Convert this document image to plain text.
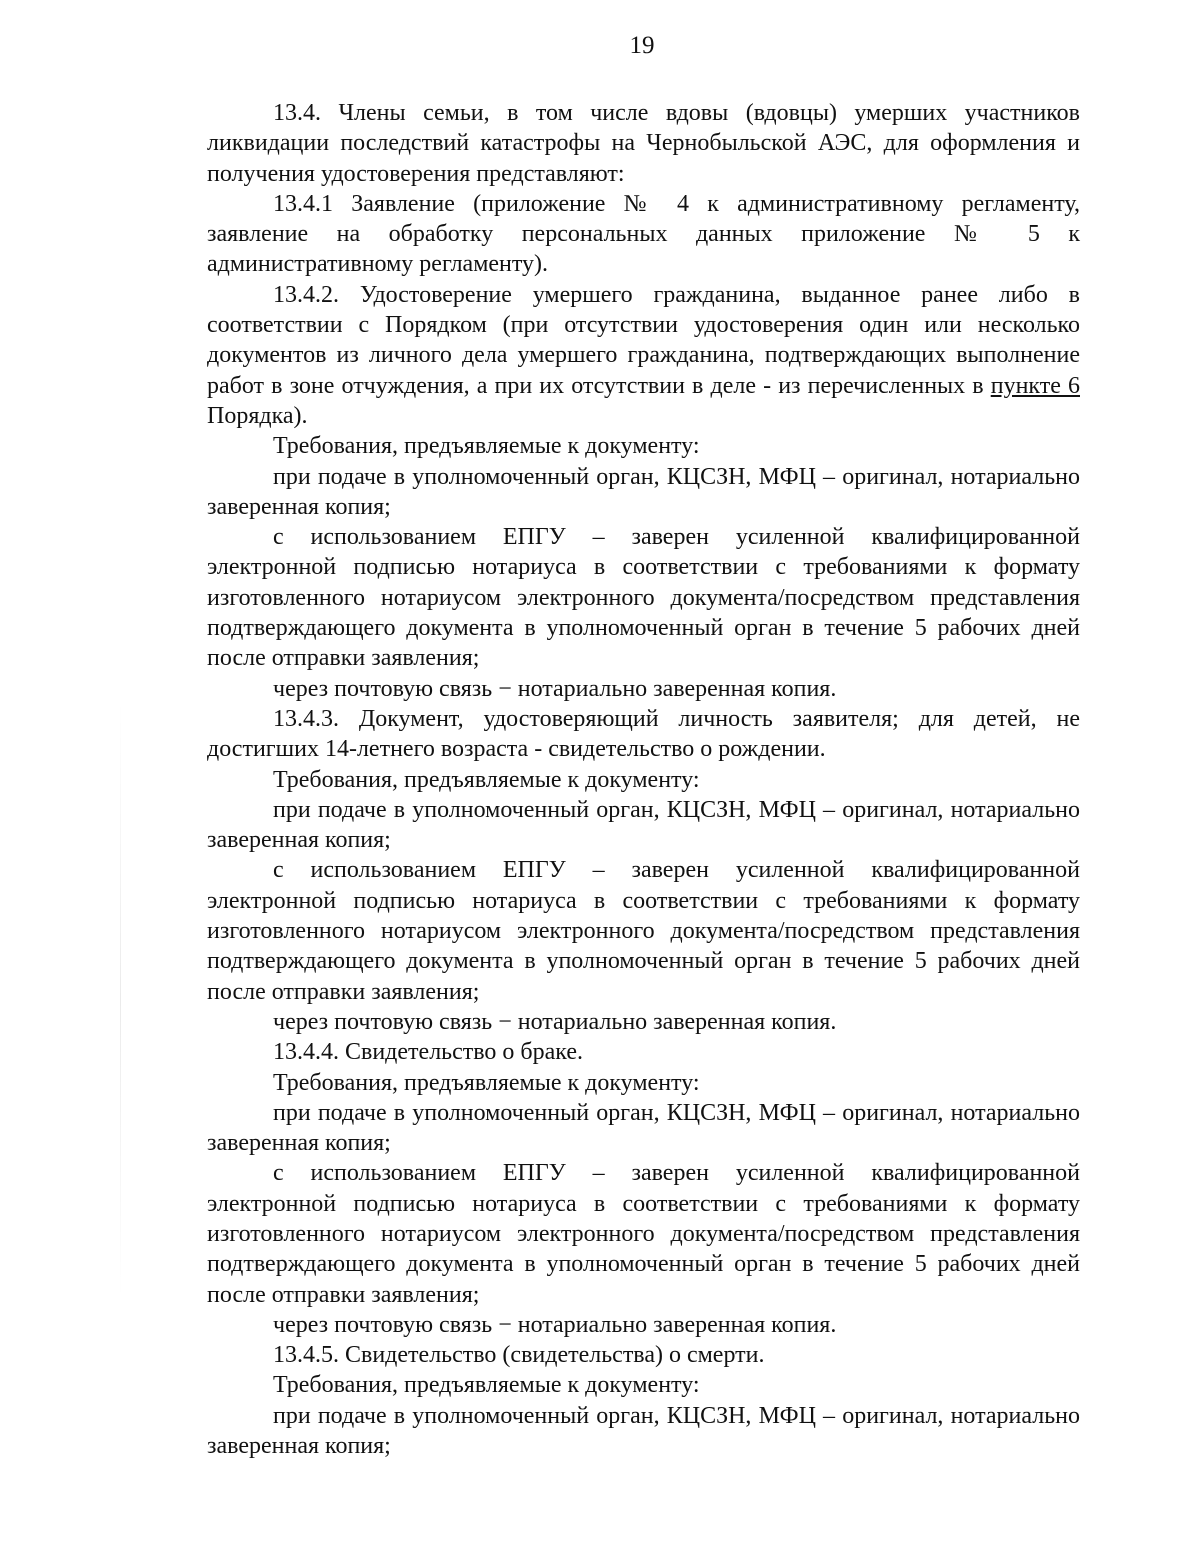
19

13.4. Члены семьи, в том числе вдовы (вдовцы) умерших участников ликвидации последствий катастрофы на Чернобыльской АЭС, для оформления и получения удостоверения представляют:

13.4.1 Заявление (приложение № 4 к административному регламенту, заявление на обработку персональных данных приложение № 5 к административному регламенту).

13.4.2. Удостоверение умершего гражданина, выданное ранее либо в соответствии с Порядком (при отсутствии удостоверения один или несколько документов из личного дела умершего гражданина, подтверждающих выполнение работ в зоне отчуждения, а при их отсутствии в деле - из перечисленных в пункте 6 Порядка).

Требования, предъявляемые к документу:

при подаче в уполномоченный орган, КЦСЗН, МФЦ – оригинал, нотариально заверенная копия;

с использованием ЕПГУ – заверен усиленной квалифицированной электронной подписью нотариуса в соответствии с требованиями к формату изготовленного нотариусом электронного документа/посредством представления подтверждающего документа в уполномоченный орган в течение 5 рабочих дней после отправки заявления;

через почтовую связь − нотариально заверенная копия.

13.4.3. Документ, удостоверяющий личность заявителя; для детей, не достигших 14-летнего возраста - свидетельство о рождении.

Требования, предъявляемые к документу:

при подаче в уполномоченный орган, КЦСЗН, МФЦ – оригинал, нотариально заверенная копия;

с использованием ЕПГУ – заверен усиленной квалифицированной электронной подписью нотариуса в соответствии с требованиями к формату изготовленного нотариусом электронного документа/посредством представления подтверждающего документа в уполномоченный орган в течение 5 рабочих дней после отправки заявления;

через почтовую связь − нотариально заверенная копия.

13.4.4. Свидетельство о браке.

Требования, предъявляемые к документу:

при подаче в уполномоченный орган, КЦСЗН, МФЦ – оригинал, нотариально заверенная копия;

с использованием ЕПГУ – заверен усиленной квалифицированной электронной подписью нотариуса в соответствии с требованиями к формату изготовленного нотариусом электронного документа/посредством представления подтверждающего документа в уполномоченный орган в течение 5 рабочих дней после отправки заявления;

через почтовую связь − нотариально заверенная копия.

13.4.5. Свидетельство (свидетельства) о смерти.

Требования, предъявляемые к документу:

при подаче в уполномоченный орган, КЦСЗН, МФЦ – оригинал, нотариально заверенная копия;
